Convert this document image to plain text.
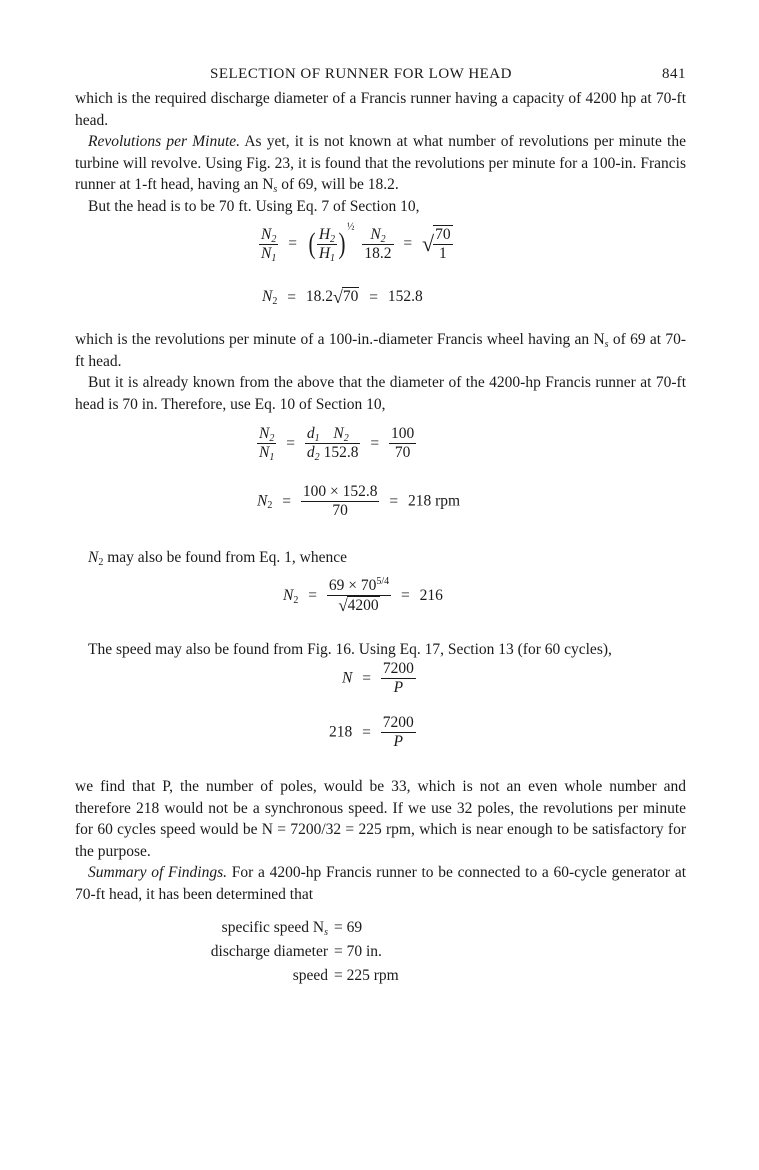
SELECTION OF RUNNER FOR LOW HEAD	841

which is the required discharge diameter of a Francis runner having a capacity of 4200 hp at 70-ft head.

Revolutions per Minute. As yet, it is not known at what number of revolutions per minute the turbine will revolve. Using Fig. 23, it is found that the revolutions per minute for a 100-in. Francis runner at 1-ft head, having an $N_s$ of 69, will be 18.2.

But the head is to be 70 ft. Using Eq. 7 of Section 10,

$\frac{N_2}{N_1}$ = ( $\frac{H_2}{H_1}$ ) $^{\frac{1}{2}} \frac{N_2}{18.2}$ = √ $\frac{70}{1}$
$N_2 = 18.2√70 = 152.8$

which is the revolutions per minute of a 100-in.-diameter Francis wheel having an $N_s$ of 69 at 70-ft head.

But it is already known from the above that the diameter of the 4200-hp Francis runner at 70-ft head is 70 in. Therefore, use Eq. 10 of Section 10,

$\frac{N_2}{N_1} = \frac{d_1}{d_2} \frac{N_2}{152.8} = \frac{100}{70}$
$N_2 = \frac{100 \times 152.8}{70} = 218$ rpm

$N_2$ may also be found from Eq. 1, whence

$N_2 = \frac{69 \times 70^{5/4}}{√4200} = 216$

The speed may also be found from Fig. 16. Using Eq. 17, Section 13 (for 60 cycles),

$N = \frac{7200}{P}$
$218 = \frac{7200}{P}$

we find that P, the number of poles, would be 33, which is not an even whole number and therefore 218 would not be a synchronous speed. If we use 32 poles, the revolutions per minute for 60 cycles speed would be N = 7200/32 = 225 rpm, which is near enough to be satisfactory for the purpose.

Summary of Findings. For a 4200-hp Francis runner to be connected to a 60-cycle generator at 70-ft head, it has been determined that

specific speed $N_s = 69$
discharge diameter = 70 in.
speed = 225 rpm
